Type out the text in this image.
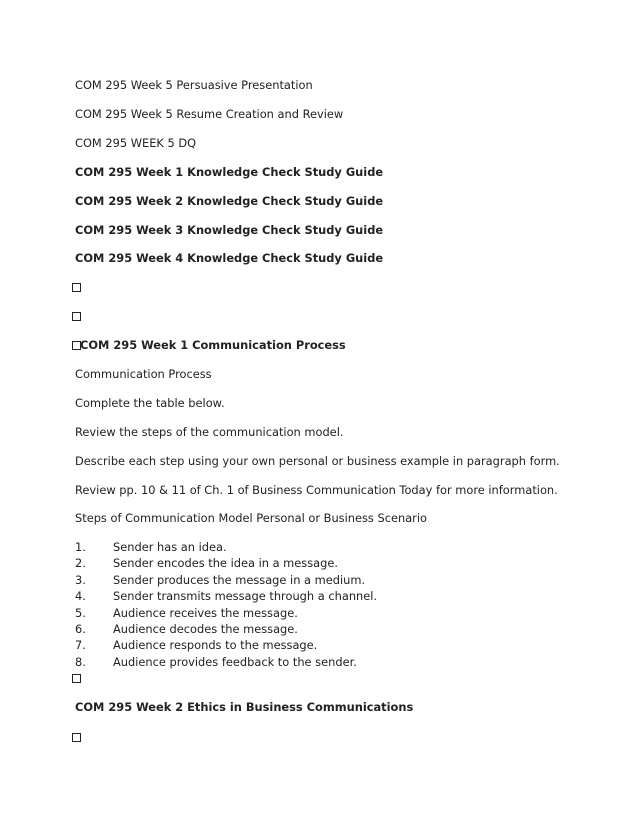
COM 295 Week 5 Persuasive Presentation
COM 295 Week 5 Resume Creation and Review
COM 295 WEEK 5 DQ
COM 295 Week 1 Knowledge Check Study Guide
COM 295 Week 2 Knowledge Check Study Guide
COM 295 Week 3 Knowledge Check Study Guide
COM 295 Week 4 Knowledge Check Study Guide
COM 295 Week 1 Communication Process
Communication Process
Complete the table below.
Review the steps of the communication model.
Describe each step using your own personal or business example in paragraph form.
Review pp. 10 & 11 of Ch. 1 of Business Communication Today for more information.
Steps of Communication Model Personal or Business Scenario
1. Sender has an idea.
2. Sender encodes the idea in a message.
3. Sender produces the message in a medium.
4. Sender transmits message through a channel.
5. Audience receives the message.
6. Audience decodes the message.
7. Audience responds to the message.
8. Audience provides feedback to the sender.
COM 295 Week 2 Ethics in Business Communications
